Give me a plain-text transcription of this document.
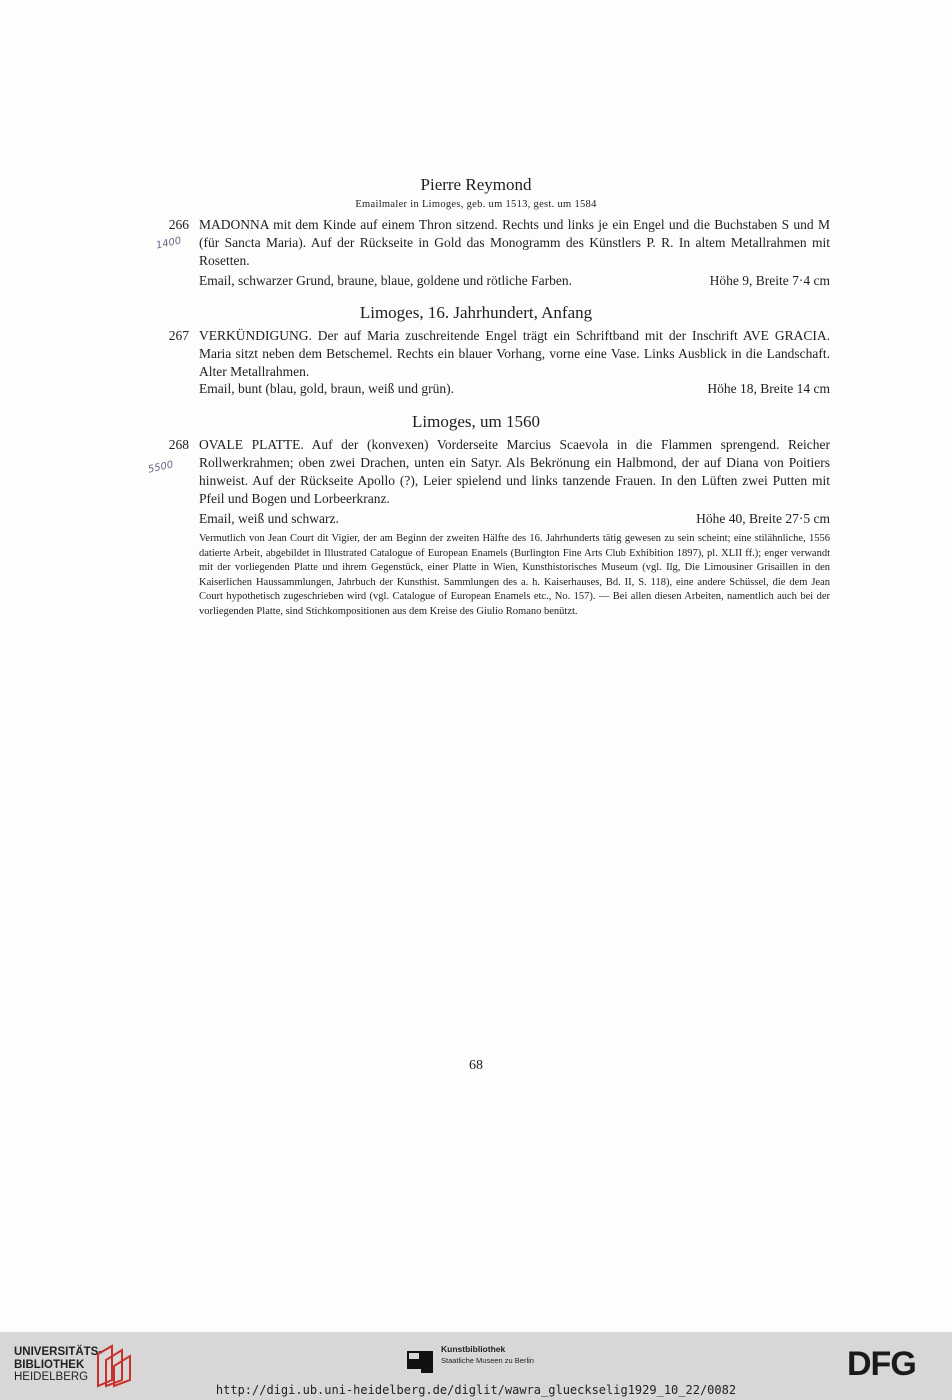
Pierre Reymond
Emailmaler in Limoges, geb. um 1513, gest. um 1584
266
1400
MADONNA mit dem Kinde auf einem Thron sitzend. Rechts und links je ein Engel und die Buchstaben S und M (für Sancta Maria). Auf der Rückseite in Gold das Monogramm des Künstlers P. R. In altem Metallrahmen mit Rosetten.
Email, schwarzer Grund, braune, blaue, goldene und rötliche Farben.	Höhe 9, Breite 7·4 cm
Limoges, 16. Jahrhundert, Anfang
267 VERKÜNDIGUNG. Der auf Maria zuschreitende Engel trägt ein Schriftband mit der Inschrift AVE GRACIA. Maria sitzt neben dem Betschemel. Rechts ein blauer Vorhang, vorne eine Vase. Links Ausblick in die Landschaft. Alter Metallrahmen.
Email, bunt (blau, gold, braun, weiß und grün).	Höhe 18, Breite 14 cm
Limoges, um 1560
268
5500
OVALE PLATTE. Auf der (konvexen) Vorderseite Marcius Scaevola in die Flammen sprengend. Reicher Rollwerkrahmen; oben zwei Drachen, unten ein Satyr. Als Bekrönung ein Halbmond, der auf Diana von Poitiers hinweist. Auf der Rückseite Apollo (?), Leier spielend und links tanzende Frauen. In den Lüften zwei Putten mit Pfeil und Bogen und Lorbeerkranz.
Email, weiß und schwarz.	Höhe 40, Breite 27·5 cm
Vermutlich von Jean Court dit Vigier, der am Beginn der zweiten Hälfte des 16. Jahrhunderts tätig gewesen zu sein scheint; eine stilähnliche, 1556 datierte Arbeit, abgebildet in Illustrated Catalogue of European Enamels (Burlington Fine Arts Club Exhibition 1897), pl. XLII ff.); enger verwandt mit der vorliegenden Platte und ihrem Gegenstück, einer Platte in Wien, Kunsthistorisches Museum (vgl. Ilg, Die Limousiner Grisaillen in den Kaiserlichen Haussammlungen, Jahrbuch der Kunsthist. Sammlungen des a. h. Kaiserhauses, Bd. II, S. 118), eine andere Schüssel, die dem Jean Court hypothetisch zugeschrieben wird (vgl. Catalogue of European Enamels etc., No. 157). — Bei allen diesen Arbeiten, namentlich auch bei der vorliegenden Platte, sind Stichkompositionen aus dem Kreise des Giulio Romano benützt.
68
UNIVERSITÄTS-
BIBLIOTHEK
HEIDELBERG
Kunstbibliothek
Staatliche Museen zu Berlin	DFG
http://digi.ub.uni-heidelberg.de/diglit/wawra_glueckselig1929_10_22/0082
